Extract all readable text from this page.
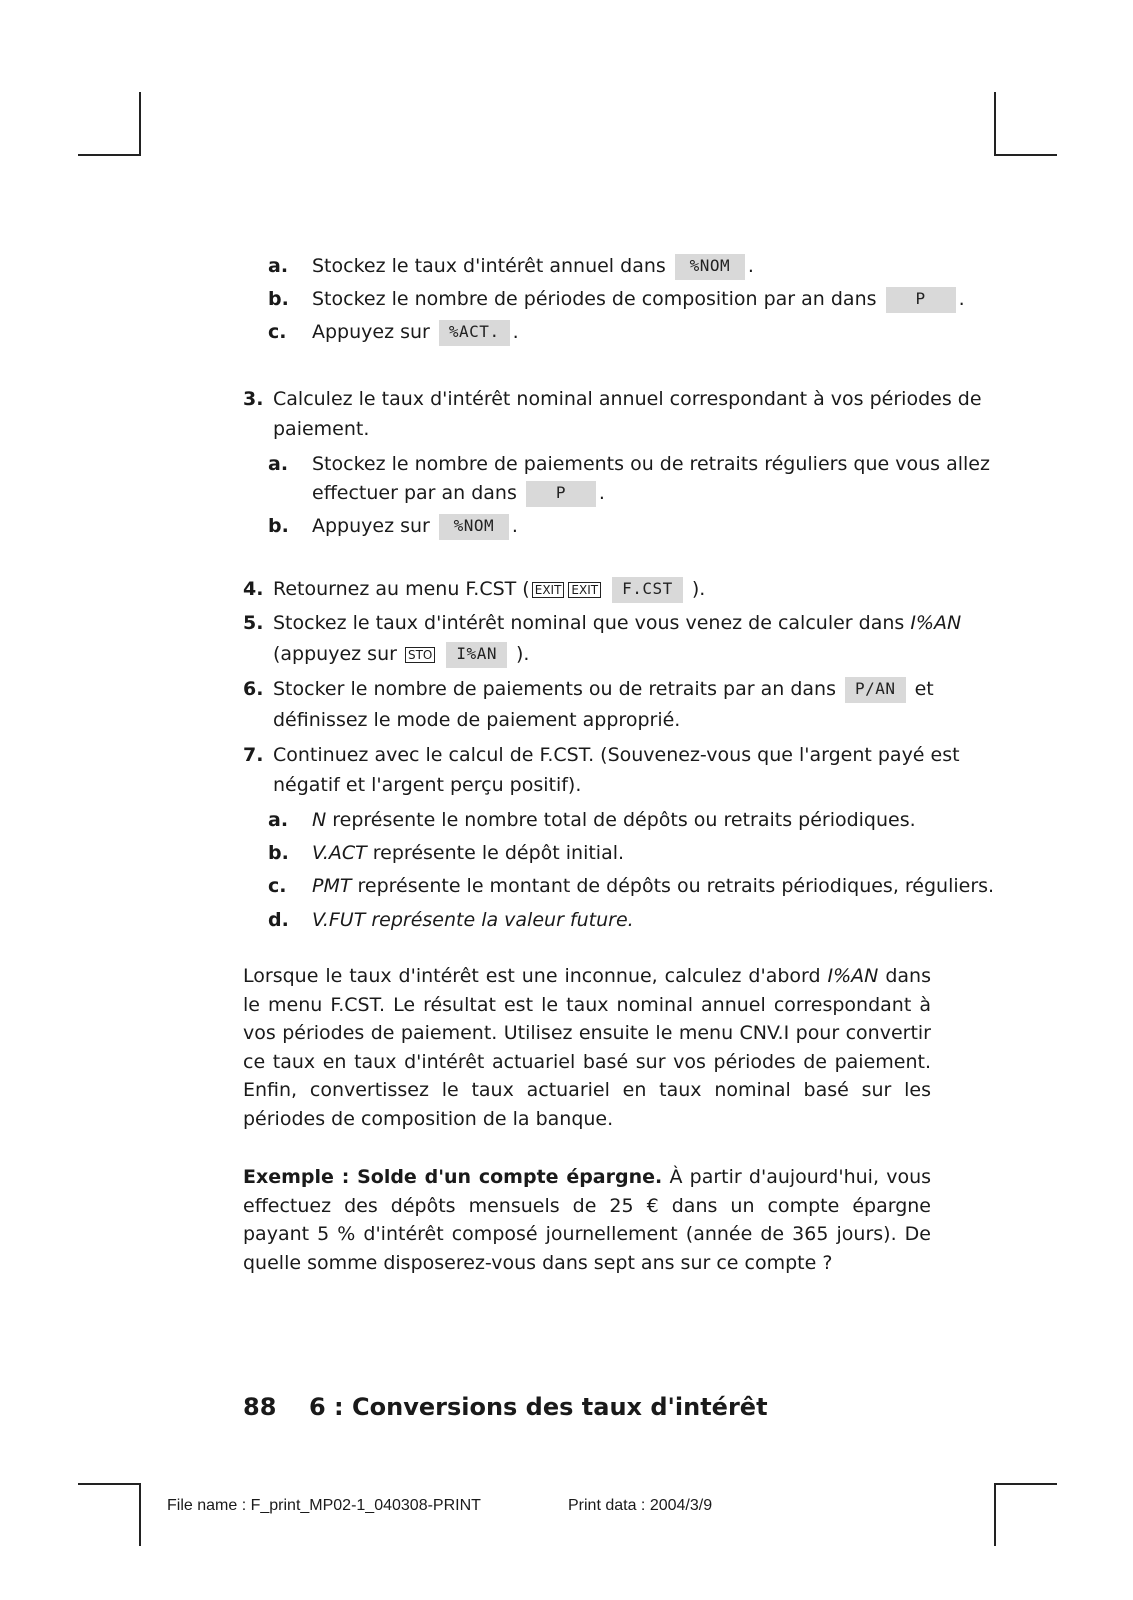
a. Stockez le taux d'intérêt annuel dans %NOM .
b. Stockez le nombre de périodes de composition par an dans P .
c. Appuyez sur %ACT. .
3. Calculez le taux d'intérêt nominal annuel correspondant à vos périodes de
paiement.
a. Stockez le nombre de paiements ou de retraits réguliers que vous allez
effectuer par an dans P .
b. Appuyez sur %NOM .
4. Retournez au menu F.CST ( EXIT EXIT F.CST ).
5. Stockez le taux d'intérêt nominal que vous venez de calculer dans I%AN
(appuyez sur STO I%AN ).
6. Stocker le nombre de paiements ou de retraits par an dans P/AN et
définissez le mode de paiement approprié.
7. Continuez avec le calcul de F.CST. (Souvenez-vous que l'argent payé est
négatif et l'argent perçu positif).
a. N représente le nombre total de dépôts ou retraits périodiques.
b. V.ACT représente le dépôt initial.
c. PMT représente le montant de dépôts ou retraits périodiques, réguliers.
d. V.FUT représente la valeur future.
Lorsque le taux d'intérêt est une inconnue, calculez d'abord I%AN dans le menu F.CST. Le résultat est le taux nominal annuel correspondant à vos périodes de paiement. Utilisez ensuite le menu CNV.I pour convertir ce taux en taux d'intérêt actuariel basé sur vos périodes de paiement. Enfin, convertissez le taux actuariel en taux nominal basé sur les périodes de composition de la banque.
Exemple : Solde d'un compte épargne. À partir d'aujourd'hui, vous effectuez des dépôts mensuels de 25 € dans un compte épargne payant 5 % d'intérêt composé journellement (année de 365 jours). De quelle somme disposerez-vous dans sept ans sur ce compte ?
88 6 : Conversions des taux d'intérêt
File name : F_print_MP02-1_040308-PRINT	Print data : 2004/3/9
